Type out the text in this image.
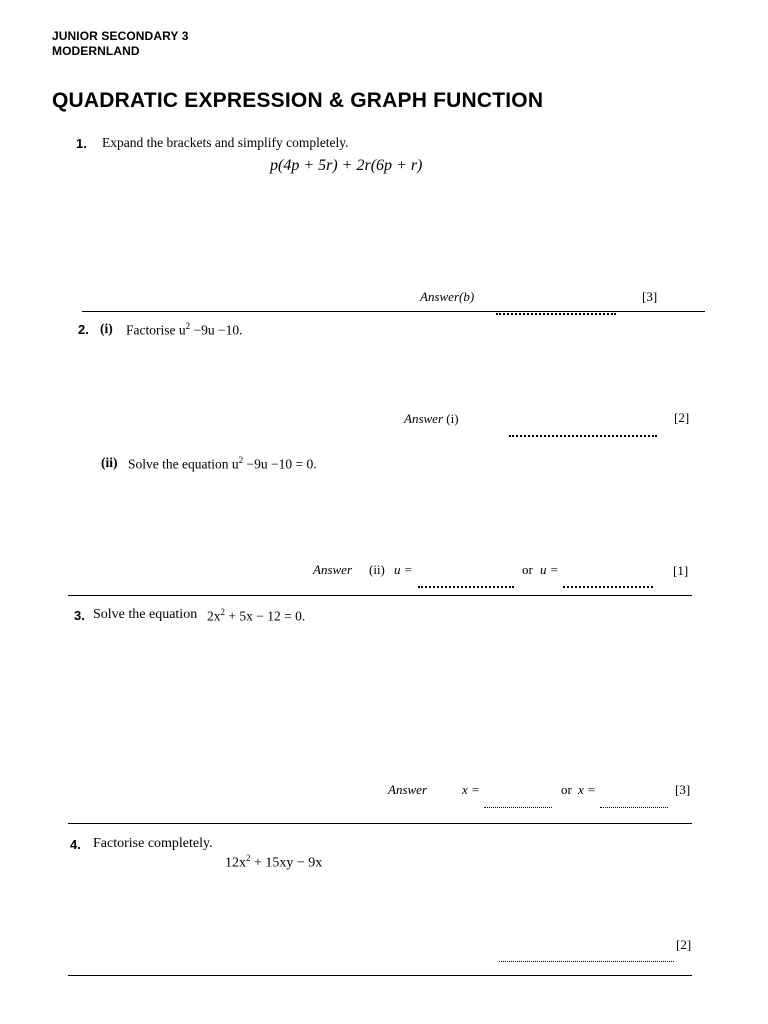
JUNIOR SECONDARY 3
MODERNLAND
QUADRATIC EXPRESSION & GRAPH FUNCTION
1. Expand the brackets and simplify completely.
p(4p + 5r) + 2r(6p + r)
Answer(b)	[3]
2. (i) Factorise $u^2 -9u -10$.
Answer (i)	[2]
(ii) Solve the equation $u^2 -9u -10 = 0$.
Answer (ii) u =	or u =	[1]
3. Solve the equation $2x^2 + 5x - 12 = 0$.
Answer	x =	or x =	[3]
4. Factorise completely.
$12x^2 + 15xy - 9x$
[2]
